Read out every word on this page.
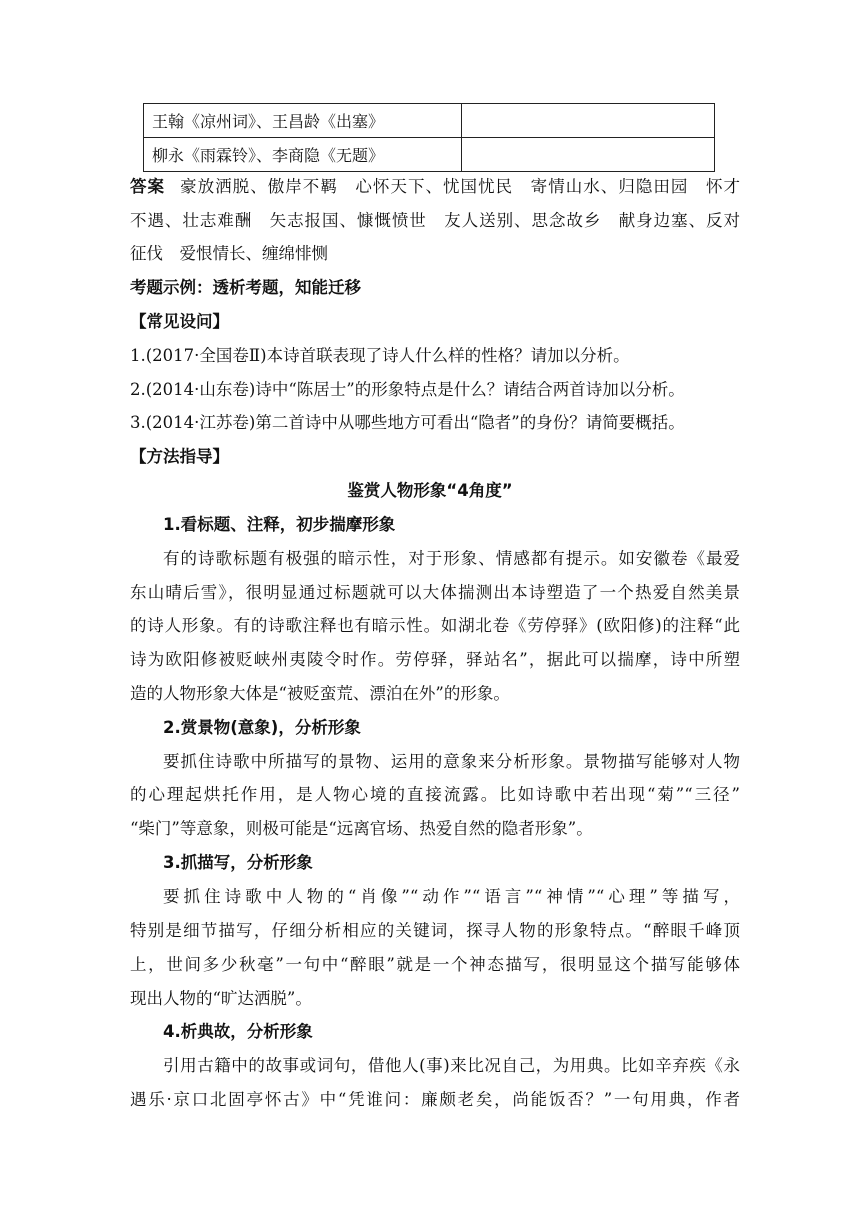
王翰《凉州词》、王昌龄《出塞》	
柳永《雨霖铃》、李商隐《无题》	
答案 豪放洒脱、傲岸不羁　心怀天下、忧国忧民　寄情山水、归隐田园　怀才
不遇、壮志难酬　矢志报国、慷慨愤世　友人送别、思念故乡　献身边塞、反对
征伐　爱恨情长、缠绵悱恻
考题示例：透析考题，知能迁移
【常见设问】
1.(2017·全国卷Ⅱ)本诗首联表现了诗人什么样的性格？请加以分析。
2.(2014·山东卷)诗中“陈居士”的形象特点是什么？请结合两首诗加以分析。
3.(2014·江苏卷)第二首诗中从哪些地方可看出“隐者”的身份？请简要概括。
【方法指导】
鉴赏人物形象“4角度”
1.看标题、注释，初步揣摩形象
有的诗歌标题有极强的暗示性，对于形象、情感都有提示。如安徽卷《最爱
东山晴后雪》，很明显通过标题就可以大体揣测出本诗塑造了一个热爱自然美景
的诗人形象。有的诗歌注释也有暗示性。如湖北卷《劳停驿》(欧阳修)的注释“此
诗为欧阳修被贬峡州夷陵令时作。劳停驿，驿站名”，据此可以揣摩，诗中所塑
造的人物形象大体是“被贬蛮荒、漂泊在外”的形象。
2.赏景物(意象)，分析形象
要抓住诗歌中所描写的景物、运用的意象来分析形象。景物描写能够对人物
的心理起烘托作用，是人物心境的直接流露。比如诗歌中若出现“菊”“三径”
“柴门”等意象，则极可能是“远离官场、热爱自然的隐者形象”。
3.抓描写，分析形象
要抓住诗歌中人物的“肖像”“动作”“语言”“神情”“心理”等描写，
特别是细节描写，仔细分析相应的关键词，探寻人物的形象特点。“醉眼千峰顶
上，世间多少秋毫”一句中“醉眼”就是一个神态描写，很明显这个描写能够体
现出人物的“旷达洒脱”。
4.析典故，分析形象
引用古籍中的故事或词句，借他人(事)来比况自己，为用典。比如辛弃疾《永
遇乐·京口北固亭怀古》中“凭谁问：廉颇老矣，尚能饭否？”一句用典，作者
